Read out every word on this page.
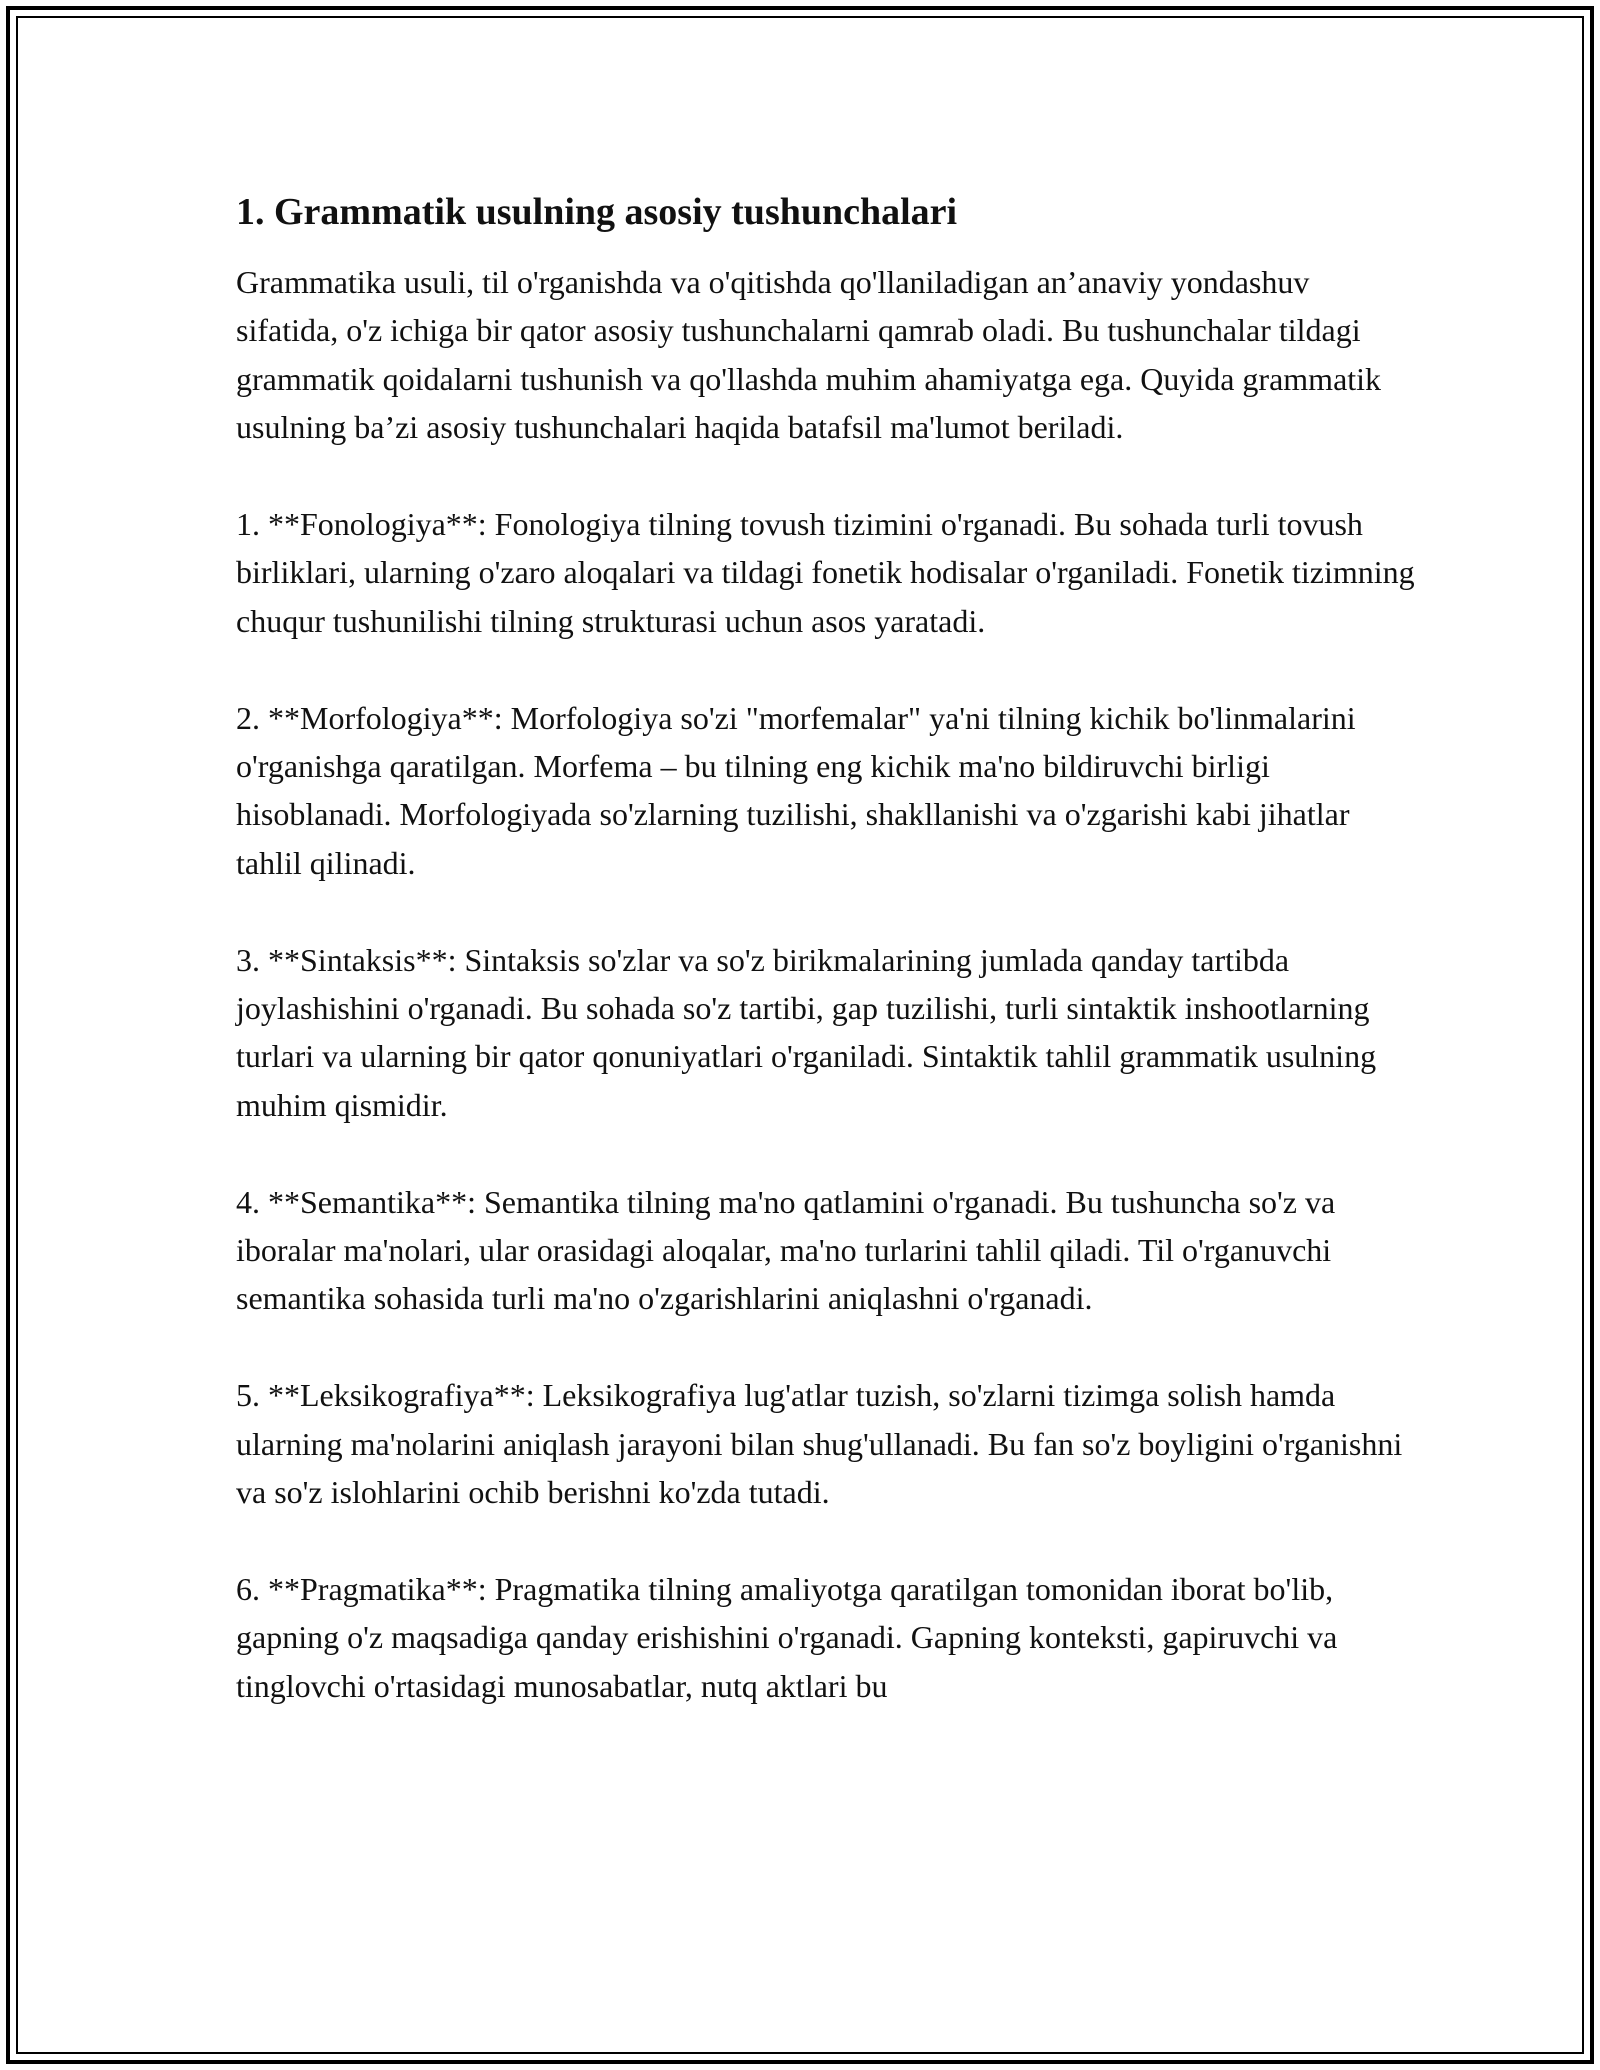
1. Grammatik usulning asosiy tushunchalari

Grammatika usuli, til o'rganishda va o'qitishda qo'llaniladigan an’anaviy yondashuv sifatida, o'z ichiga bir qator asosiy tushunchalarni qamrab oladi. Bu tushunchalar tildagi grammatik qoidalarni tushunish va qo'llashda muhim ahamiyatga ega. Quyida grammatik usulning ba’zi asosiy tushunchalari haqida batafsil ma'lumot beriladi.

1. **Fonologiya**: Fonologiya tilning tovush tizimini o'rganadi. Bu sohada turli tovush birliklari, ularning o'zaro aloqalari va tildagi fonetik hodisalar o'rganiladi. Fonetik tizimning chuqur tushunilishi tilning strukturasi uchun asos yaratadi.

2. **Morfologiya**: Morfologiya so'zi "morfemalar" ya'ni tilning kichik bo'linmalarini o'rganishga qaratilgan. Morfema – bu tilning eng kichik ma'no bildiruvchi birligi hisoblanadi. Morfologiyada so'zlarning tuzilishi, shakllanishi va o'zgarishi kabi jihatlar tahlil qilinadi.

3. **Sintaksis**: Sintaksis so'zlar va so'z birikmalarining jumlada qanday tartibda joylashishini o'rganadi. Bu sohada so'z tartibi, gap tuzilishi, turli sintaktik inshootlarning turlari va ularning bir qator qonuniyatlari o'rganiladi. Sintaktik tahlil grammatik usulning muhim qismidir.

4. **Semantika**: Semantika tilning ma'no qatlamini o'rganadi. Bu tushuncha so'z va iboralar ma'nolari, ular orasidagi aloqalar, ma'no turlarini tahlil qiladi. Til o'rganuvchi semantika sohasida turli ma'no o'zgarishlarini aniqlashni o'rganadi.

5. **Leksikografiya**: Leksikografiya lug'atlar tuzish, so'zlarni tizimga solish hamda ularning ma'nolarini aniqlash jarayoni bilan shug'ullanadi. Bu fan so'z boyligini o'rganishni va so'z islohlarini ochib berishni ko'zda tutadi.

6. **Pragmatika**: Pragmatika tilning amaliyotga qaratilgan tomonidan iborat bo'lib, gapning o'z maqsadiga qanday erishishini o'rganadi. Gapning konteksti, gapiruvchi va tinglovchi o'rtasidagi munosabatlar, nutq aktlari bu
